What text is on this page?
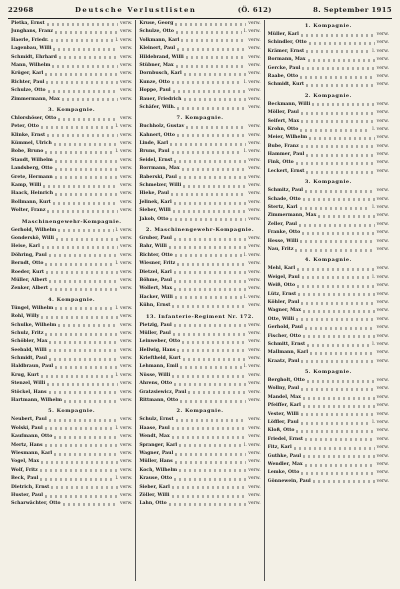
22968	Deutsche Verlustlisten	(Ö. 612)	8. September 1915
Pietka, Ernst	verw.
Junghans, Franz	verw.
Haerle, Friedr.	l. verw.
Lagenbau, Willi	verw.
Schmidt, Ehrhard	verw.
Mann, Wilhelm	verw.
Krüger, Karl	verw.
Richter, Paul	verw.
Schulze, Otto	verw.
Zimmermann, Max	verw.
3. Kompagnie.
Chlorshöser, Otto	verw.
Peter, Otto	l. verw.
Klinke, Ernst	verw.
Kümmel, Ulrich	verw.
Bobe, Bruno	l. verw.
Staudt, Wilhelm	verw.
Landsberg, Otto	verw.
Grete, Hermann	verw.
Kamp, Willi	verw.
Haack, Heinrich	verw.
Bollmann, Kurt	verw.
Wolter, Franz	verw.
Maschinengewehr-Kompagnie.
Gerhold, Wilhelm	l. verw.
Gonderskö, Willi	verw.
Heise, Karl	verw.
Döhring, Paul	verw.
Berndt, Otto	l. verw.
Roeder, Kurt	verw.
Müller, Albert	verw.
Zenker, Albert	verw.
4. Kompagnie.
Tüngel, Wilhelm	l. verw.
Rohl, Willy	verw.
Schulke, Wilhelm	verw.
Schulz, Fritz	verw.
Schöbler, Max	verw.
Seebald, Willi	verw.
Schmidt, Paul	verw.
Haldbraun, Paul	verw.
Krug, Kurt	l. verw.
Stenzel, Willi	verw.
Stöckel, Hans	verw.
Hartmann, Wilhelm	verw.
5. Kompagnie.
Neubert, Paul	verw.
Wolski, Paul	l. verw.
Kaufmann, Otto	verw.
Mertz, Hans	verw.
Wiesmann, Karl	verw.
Vogel, Max	verw.
Wolf, Fritz	verw.
Beck, Paul	l. verw.
Dietrich, Ernst	verw.
Huster, Paul	verw.
Scharwächter, Otto	verw.
Kruse, Georg	verw.
Schulze, Otto	l. verw.
Volkmann, Karl	verw.
Kleinert, Paul	verw.
Hildebrand, Willi	verw.
Stübner, Max	verw.
Dornbusch, Karl	verw.
Kunze, Otto	l. verw.
Hoppe, Paul	verw.
Bauer, Friedrich	verw.
Schäfer, Wilh.	verw.
7. Kompagnie.
Buchholz, Gustav	verw.
Kahnert, Otto	verw.
Linde, Karl	verw.
Bruns, Paul	l. verw.
Seidel, Ernst	verw.
Borrmann, Max	verw.
Baberski, Paul	verw.
Schmelzer, Willi	verw.
Hieke, Paul	verw.
Jelinek, Karl	verw.
Sieber, Willi	verw.
Jakob, Otto	verw.
2. Maschinengewehr-Kompagnie.
Gruber, Paul	verw.
Bahr, Willi	verw.
Richter, Otto	l. verw.
Wiesner, Fritz	verw.
Dietzel, Karl	verw.
Böhme, Paul	verw.
Wollert, Max	verw.
Hacker, Willi	l. verw.
Kühn, Ernst	verw.
13. Infanterie-Regiment Nr. 172.
Pietzig, Paul	verw.
Müller, Paul	verw.
Leinweber, Otto	verw.
Hellwig, Hans	verw.
Krieftheld, Kurt	verw.
Lehmann, Emil	l. verw.
Nüsse, Willi	verw.
Ahrens, Otto	verw.
Gratzsiewicz, Paul	verw.
Rittmann, Otto	verw.
2. Kompagnie.
Schulz, Ernst	verw.
Haase, Paul	verw.
Wendt, Max	verw.
Spranger, Karl	l. verw.
Wagner, Paul	verw.
Müller, Hans	verw.
Koch, Wilhelm	verw.
Krause, Otto	verw.
Sieber, Karl	verw.
Zöller, Willi	verw.
Lahn, Otto	verw.
1. Kompagnie.
Müller, Karl	verw.
Schindler, Otto	verw.
Krämer, Ernst	l. verw.
Bormann, Max	verw.
Gercke, Paul	verw.
Raabe, Otto	verw.
Schmidt, Kurt	verw.
2. Kompagnie.
Beckmann, Willi	verw.
Möller, Paul	verw.
Seifert, Max	verw.
Krohn, Otto	l. verw.
Meier, Wilhelm	verw.
Bube, Franz	verw.
Hammer, Paul	verw.
Fink, Otto	verw.
Leckert, Ernst	verw.
3. Kompagnie.
Schmitz, Paul	verw.
Schade, Otto	verw.
Stertz, Karl	l. verw.
Zimmermann, Max	verw.
Zeller, Paul	verw.
Franke, Otto	verw.
Hesse, Willi	verw.
Nau, Fritz	verw.
4. Kompagnie.
Mehl, Karl	verw.
Weigel, Paul	l. verw.
Weiß, Otto	verw.
Lütz, Ernst	verw.
Köhler, Paul	verw.
Wagner, Max	verw.
Otte, Willi	verw.
Gerhold, Paul	verw.
Fischer, Otto	verw.
Schmitt, Ernst	l. verw.
Mallmann, Karl	verw.
Kraatz, Paul	verw.
5. Kompagnie.
Bergholt, Otto	verw.
Wollny, Paul	verw.
Mandel, Max	verw.
Pfeiffer, Karl	verw.
Vester, Willi	verw.
Löffler, Paul	l. verw.
Kloß, Otto	verw.
Friedel, Ernst	verw.
Fitz, Karl	verw.
Guthke, Paul	verw.
Wendler, Max	verw.
Lemke, Otto	verw.
Gönnewein, Paul	verw.
